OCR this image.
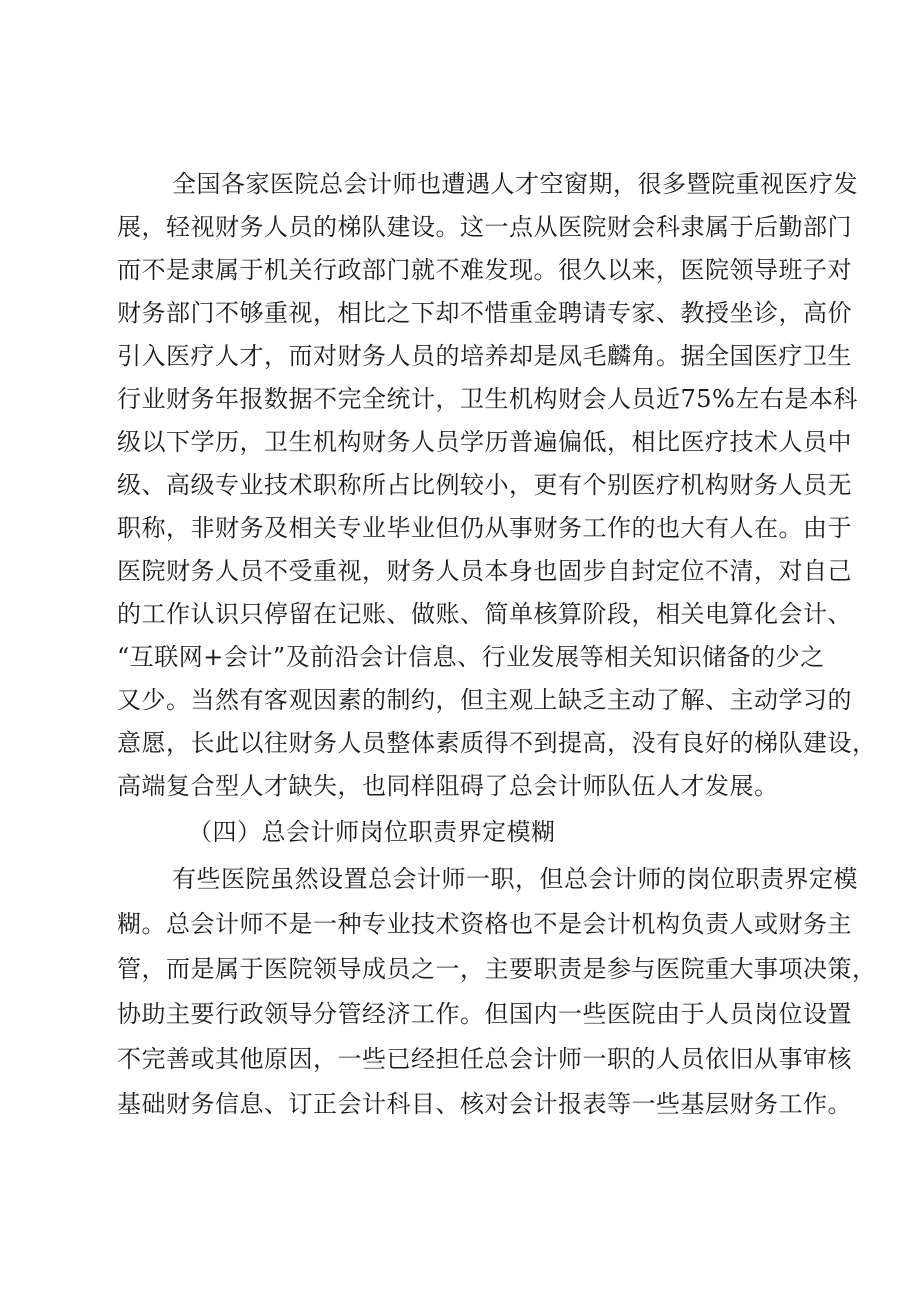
全国各家医院总会计师也遭遇人才空窗期，很多暨院重视医疗发
展，轻视财务人员的梯队建设。这一点从医院财会科隶属于后勤部门
而不是隶属于机关行政部门就不难发现。很久以来，医院领导班子对
财务部门不够重视，相比之下却不惜重金聘请专家、教授坐诊，高价
引入医疗人才，而对财务人员的培养却是凤毛麟角。据全国医疗卫生
行业财务年报数据不完全统计，卫生机构财会人员近75%左右是本科
级以下学历，卫生机构财务人员学历普遍偏低，相比医疗技术人员中
级、高级专业技术职称所占比例较小，更有个别医疗机构财务人员无
职称，非财务及相关专业毕业但仍从事财务工作的也大有人在。由于
医院财务人员不受重视，财务人员本身也固步自封定位不清，对自己
的工作认识只停留在记账、做账、简单核算阶段，相关电算化会计、
“互联网+会计”及前沿会计信息、行业发展等相关知识储备的少之
又少。当然有客观因素的制约，但主观上缺乏主动了解、主动学习的
意愿，长此以往财务人员整体素质得不到提高，没有良好的梯队建设，
高端复合型人才缺失，也同样阻碍了总会计师队伍人才发展。
（四）总会计师岗位职责界定模糊
有些医院虽然设置总会计师一职，但总会计师的岗位职责界定模
糊。总会计师不是一种专业技术资格也不是会计机构负责人或财务主
管，而是属于医院领导成员之一，主要职责是参与医院重大事项决策，
协助主要行政领导分管经济工作。但国内一些医院由于人员岗位设置
不完善或其他原因，一些已经担任总会计师一职的人员依旧从事审核
基础财务信息、订正会计科目、核对会计报表等一些基层财务工作。
